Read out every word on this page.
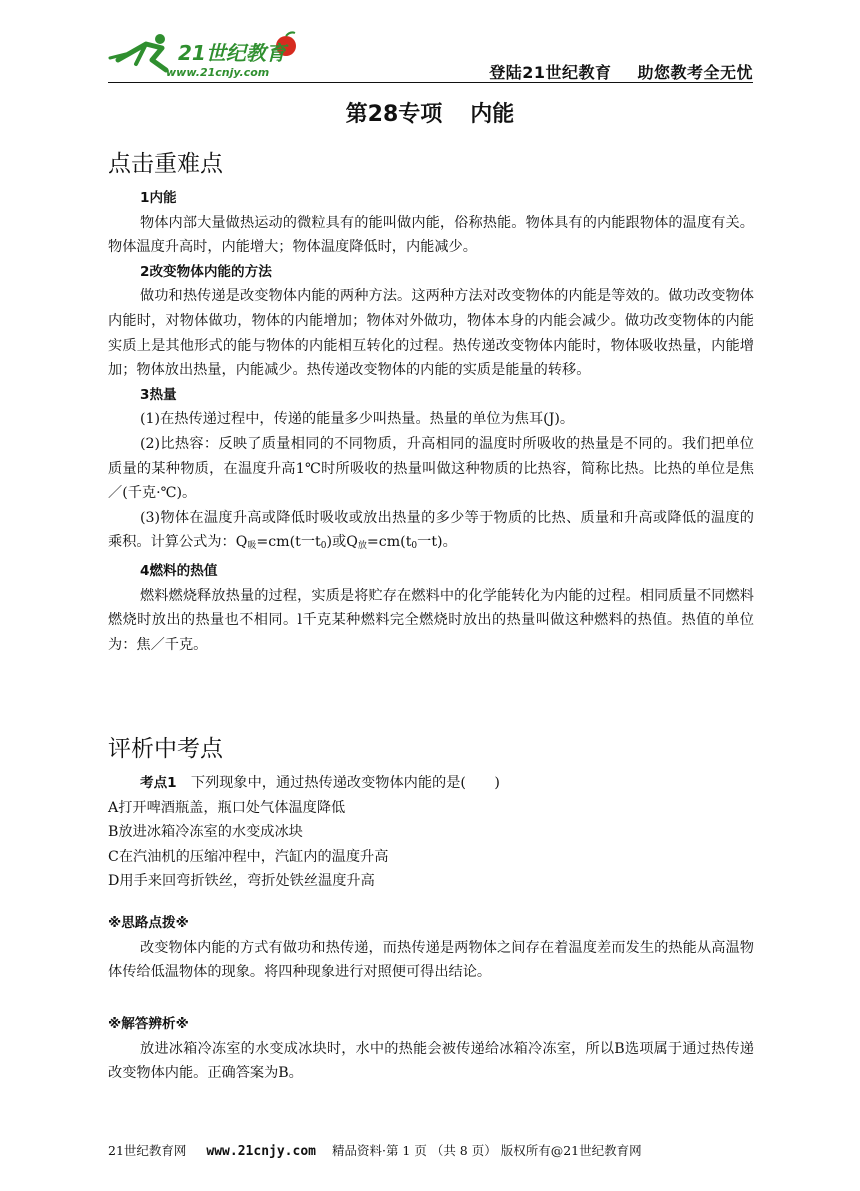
21世纪教育
www.21cnjy.com	登陆21世纪教育 助您教考全无忧
第28专项 内能
点击重难点

1内能

物体内部大量做热运动的微粒具有的能叫做内能，俗称热能。物体具有的内能跟物体的温度有关。物体温度升高时，内能增大；物体温度降低时，内能减少。

2改变物体内能的方法

做功和热传递是改变物体内能的两种方法。这两种方法对改变物体的内能是等效的。做功改变物体内能时，对物体做功，物体的内能增加；物体对外做功，物体本身的内能会减少。做功改变物体的内能实质上是其他形式的能与物体的内能相互转化的过程。热传递改变物体内能时，物体吸收热量，内能增加；物体放出热量，内能减少。热传递改变物体的内能的实质是能量的转移。

3热量

(1)在热传递过程中，传递的能量多少叫热量。热量的单位为焦耳(J)。

(2)比热容：反映了质量相同的不同物质，升高相同的温度时所吸收的热量是不同的。我们把单位质量的某种物质，在温度升高1℃时所吸收的热量叫做这种物质的比热容，简称比热。比热的单位是焦／(千克·℃)。

(3)物体在温度升高或降低时吸收或放出热量的多少等于物质的比热、质量和升高或降低的温度的乘积。计算公式为：Q吸=cm(t一t0)或Q放=cm(t0一t)。

4燃料的热值

燃料燃烧释放热量的过程，实质是将贮存在燃料中的化学能转化为内能的过程。相同质量不同燃料燃烧时放出的热量也不相同。l千克某种燃料完全燃烧时放出的热量叫做这种燃料的热值。热值的单位为：焦／千克。

评析中考点

考点1  下列现象中，通过热传递改变物体内能的是(　　)

A打开啤酒瓶盖，瓶口处气体温度降低

B放进冰箱冷冻室的水变成冰块

C在汽油机的压缩冲程中，汽缸内的温度升高

D用手来回弯折铁丝，弯折处铁丝温度升高

※思路点拨※

改变物体内能的方式有做功和热传递，而热传递是两物体之间存在着温度差而发生的热能从高温物体传给低温物体的现象。将四种现象进行对照便可得出结论。

※解答辨析※

放进冰箱冷冻室的水变成冰块时，水中的热能会被传递给冰箱冷冻室，所以B选项属于通过热传递改变物体内能。正确答案为B。

21世纪教育网 www.21cnjy.com 精品资料·第 1 页 （共 8 页） 版权所有@21世纪教育网
